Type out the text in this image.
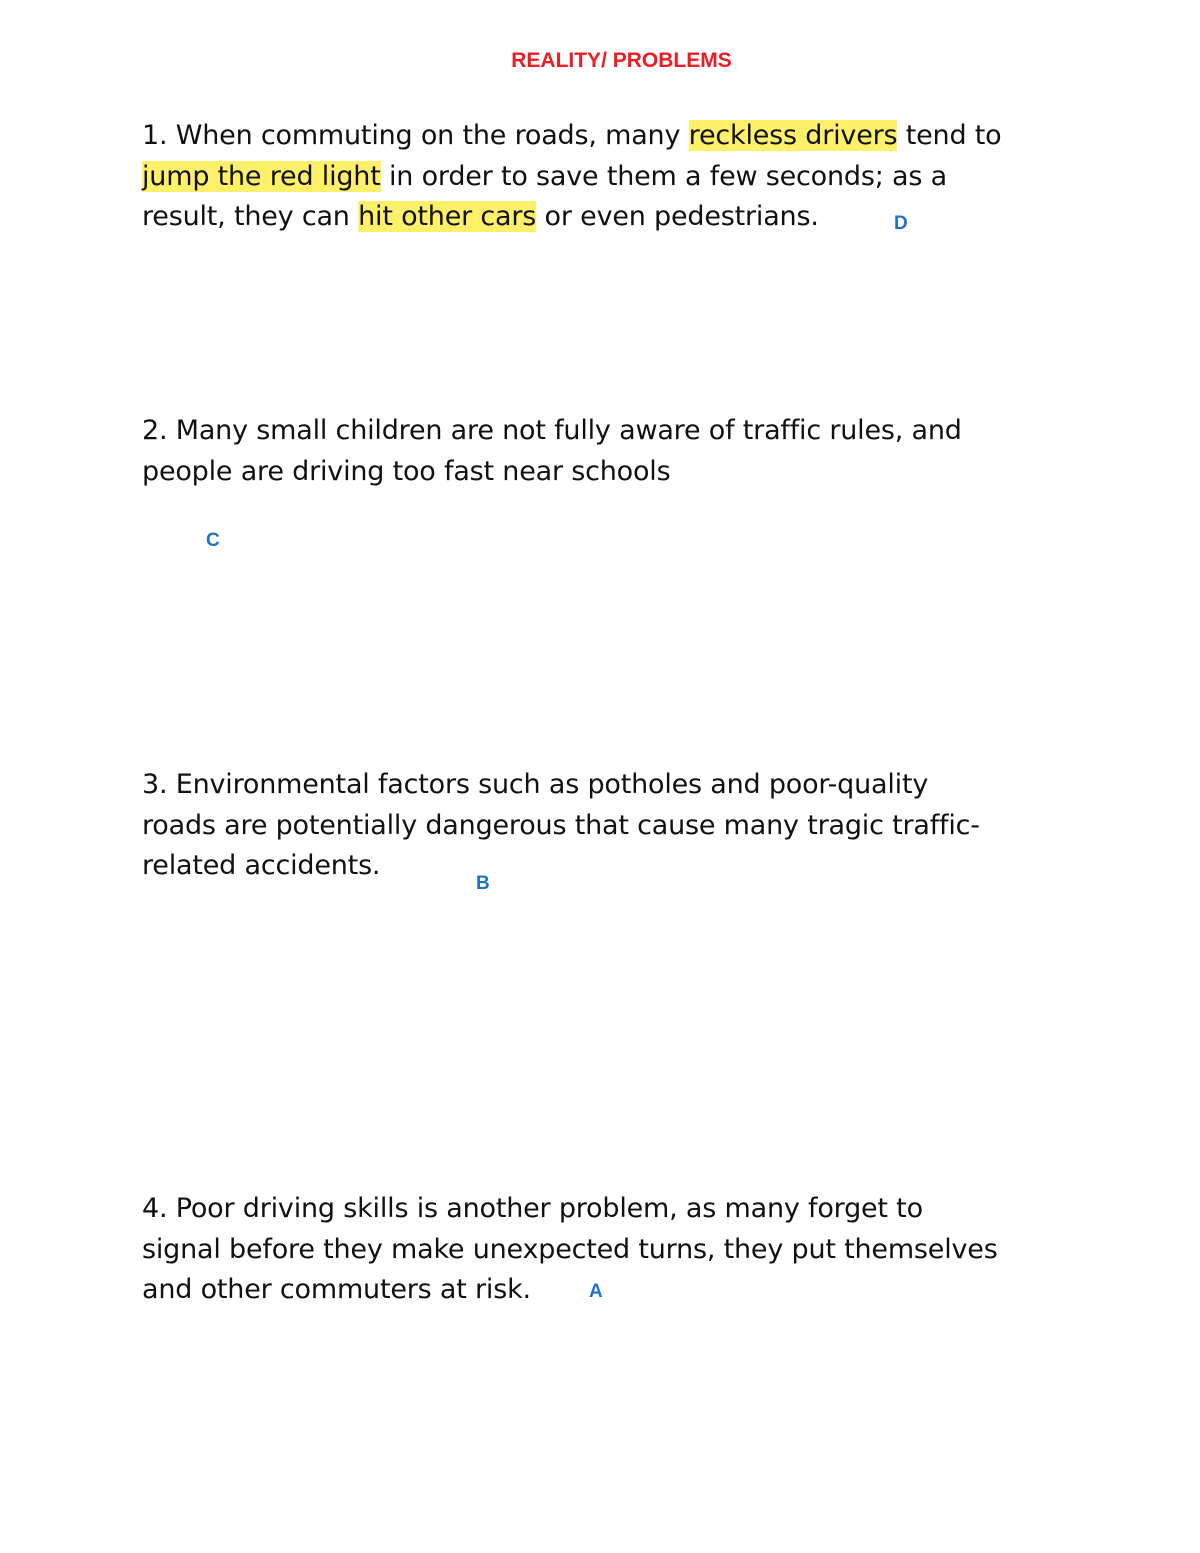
REALITY/ PROBLEMS

1. When commuting on the roads, many reckless drivers tend to
jump the red light in order to save them a few seconds; as a
result, they can hit other cars or even pedestrians.	D

2. Many small children are not fully aware of traffic rules, and
people are driving too fast near schools

C

3. Environmental factors such as potholes and poor-quality
roads are potentially dangerous that cause many tragic traffic-
related accidents.

B

4. Poor driving skills is another problem, as many forget to
signal before they make unexpected turns, they put themselves
and other commuters at risk.	A
